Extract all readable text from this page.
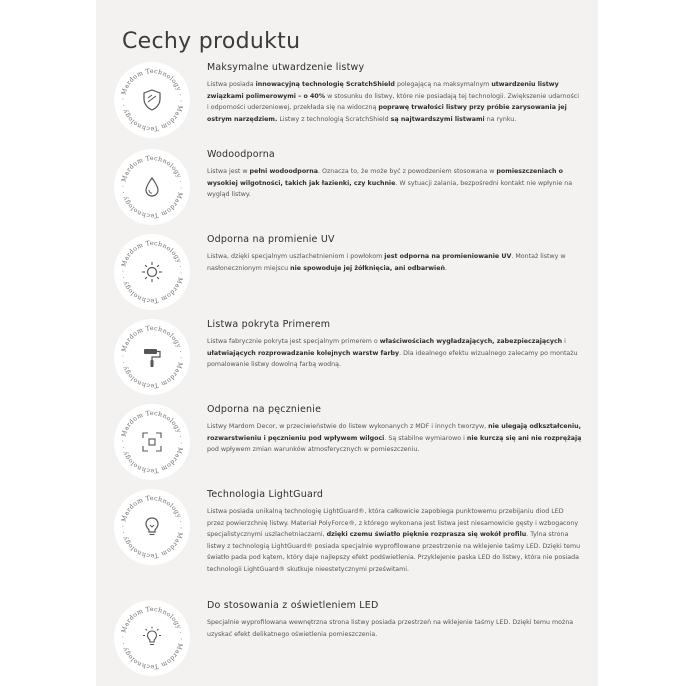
Cechy produktu
· Mardom Technology ·
· Mardom Technology ·
Maksymalne utwardzenie listwy

Listwa posiada innowacyjną technologię ScratchShield polegającą na maksymalnym utwardzeniu listwy związkami polimerowymi – o 40% w stosunku do listwy, które nie posiadają tej technologii. Zwiększenie udarności i odporności uderzeniowej, przekłada się na widoczną poprawę trwałości listwy przy próbie zarysowania jej ostrym narzędziem. Listwy z technologią ScratchShield są najtwardszymi listwami na rynku.

· Mardom Technology ·
· Mardom Technology ·
Wodoodporna

Listwa jest w pełni wodoodporna. Oznacza to, że może być z powodzeniem stosowana w pomieszczeniach o wysokiej wilgotności, takich jak łazienki, czy kuchnie. W sytuacji zalania, bezpośredni kontakt nie wpłynie na wygląd listwy.

· Mardom Technology ·
· Mardom Technology ·
Odporna na promienie UV

Listwa, dzięki specjalnym uszlachetnieniom i powłokom jest odporna na promieniowanie UV. Montaż listwy w nasłonecznionym miejscu nie spowoduje jej żółknięcia, ani odbarwień.

· Mardom Technology ·
· Mardom Technology ·
Listwa pokryta Primerem

Listwa fabrycznie pokryta jest specjalnym primerem o właściwościach wygładzających, zabezpieczających i ułatwiających rozprowadzanie kolejnych warstw farby. Dla idealnego efektu wizualnego zalecamy po montażu pomalowanie listwy dowolną farbą wodną.

· Mardom Technology ·
· Mardom Technology ·
Odporna na pęcznienie

Listwy Mardom Decor, w przeciwieństwie do listew wykonanych z MDF i innych tworzyw, nie ulegają odkształceniu, rozwarstwieniu i pęcznieniu pod wpływem wilgoci. Są stabilne wymiarowo i nie kurczą się ani nie rozprężają pod wpływem zmian warunków atmosferycznych w pomieszczeniu.

· Mardom Technology ·
· Mardom Technology ·
Technologia LightGuard

Listwa posiada unikalną technologię LightGuard®, która całkowicie zapobiega punktowemu przebijaniu diod LED przez powierzchnię listwy. Materiał PolyForce®, z którego wykonana jest listwa jest niesamowicie gęsty i wzbogacony specjalistycznymi uszlachetniaczami, dzięki czemu światło pięknie rozprasza się wokół profilu. Tylna strona listwy z technologią LightGuard® posiada specjalnie wyprofilowane przestrzenie na wklejenie taśmy LED. Dzięki temu światło pada pod kątem, który daje najlepszy efekt podświetlenia. Przyklejenie paska LED do listwy, która nie posiada technologii LightGuard® skutkuje nieestetycznymi prześwitami.

· Mardom Technology ·
· Mardom Technology ·
Do stosowania z oświetleniem LED

Specjalnie wyprofilowana wewnętrzna strona listwy posiada przestrzeń na wklejenie taśmy LED. Dzięki temu można uzyskać efekt delikatnego oświetlenia pomieszczenia.
